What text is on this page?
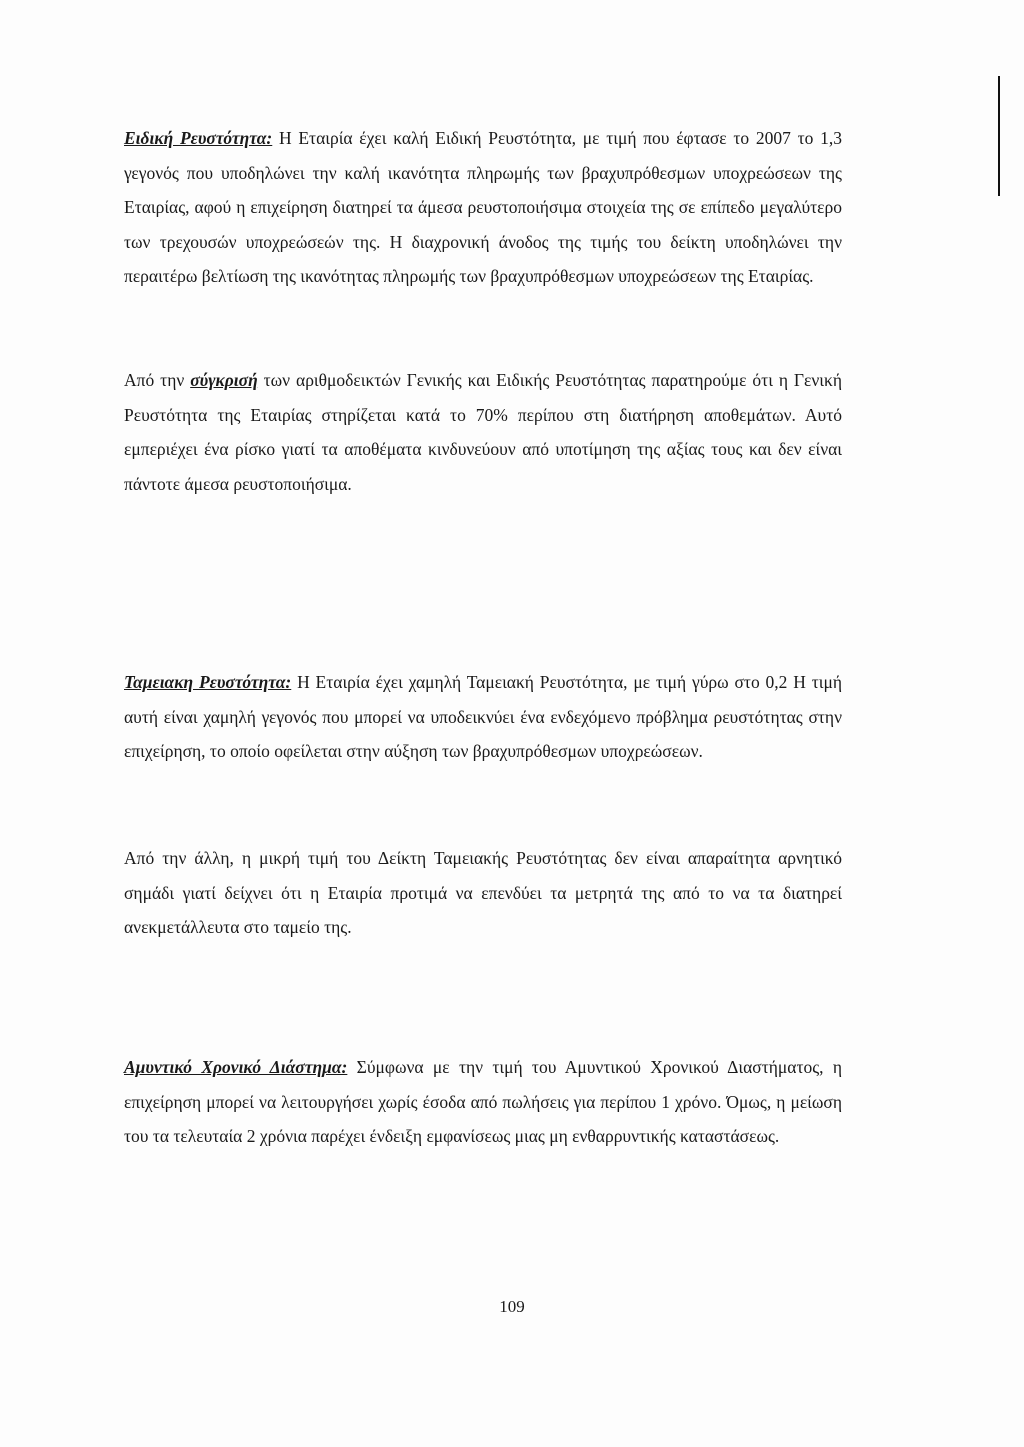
Ειδική Ρευστότητα: Η Εταιρία έχει καλή Ειδική Ρευστότητα, με τιμή που έφτασε το 2007 το 1,3 γεγονός που υποδηλώνει την καλή ικανότητα πληρωμής των βραχυπρόθεσμων υποχρεώσεων της Εταιρίας, αφού η επιχείρηση διατηρεί τα άμεσα ρευστοποιήσιμα στοιχεία της σε επίπεδο μεγαλύτερο των τρεχουσών υποχρεώσεών της. Η διαχρονική άνοδος της τιμής του δείκτη υποδηλώνει την περαιτέρω βελτίωση της ικανότητας πληρωμής των βραχυπρόθεσμων υποχρεώσεων της Εταιρίας.

Από την σύγκρισή των αριθμοδεικτών Γενικής και Ειδικής Ρευστότητας παρατηρούμε ότι η Γενική Ρευστότητα της Εταιρίας στηρίζεται κατά το 70% περίπου στη διατήρηση αποθεμάτων. Αυτό εμπεριέχει ένα ρίσκο γιατί τα αποθέματα κινδυνεύουν από υποτίμηση της αξίας τους και δεν είναι πάντοτε άμεσα ρευστοποιήσιμα.

Ταμειακη Ρευστότητα: Η Εταιρία έχει χαμηλή Ταμειακή Ρευστότητα, με τιμή γύρω στο 0,2 Η τιμή αυτή είναι χαμηλή γεγονός που μπορεί να υποδεικνύει ένα ενδεχόμενο πρόβλημα ρευστότητας στην επιχείρηση, το οποίο οφείλεται στην αύξηση των βραχυπρόθεσμων υποχρεώσεων.

Από την άλλη, η μικρή τιμή του Δείκτη Ταμειακής Ρευστότητας δεν είναι απαραίτητα αρνητικό σημάδι γιατί δείχνει ότι η Εταιρία προτιμά να επενδύει τα μετρητά της από το να τα διατηρεί ανεκμετάλλευτα στο ταμείο της.

Αμυντικό Χρονικό Διάστημα: Σύμφωνα με την τιμή του Αμυντικού Χρονικού Διαστήματος, η επιχείρηση μπορεί να λειτουργήσει χωρίς έσοδα από πωλήσεις για περίπου 1 χρόνο. Όμως, η μείωση του τα τελευταία 2 χρόνια παρέχει ένδειξη εμφανίσεως μιας μη ενθαρρυντικής καταστάσεως.

109
